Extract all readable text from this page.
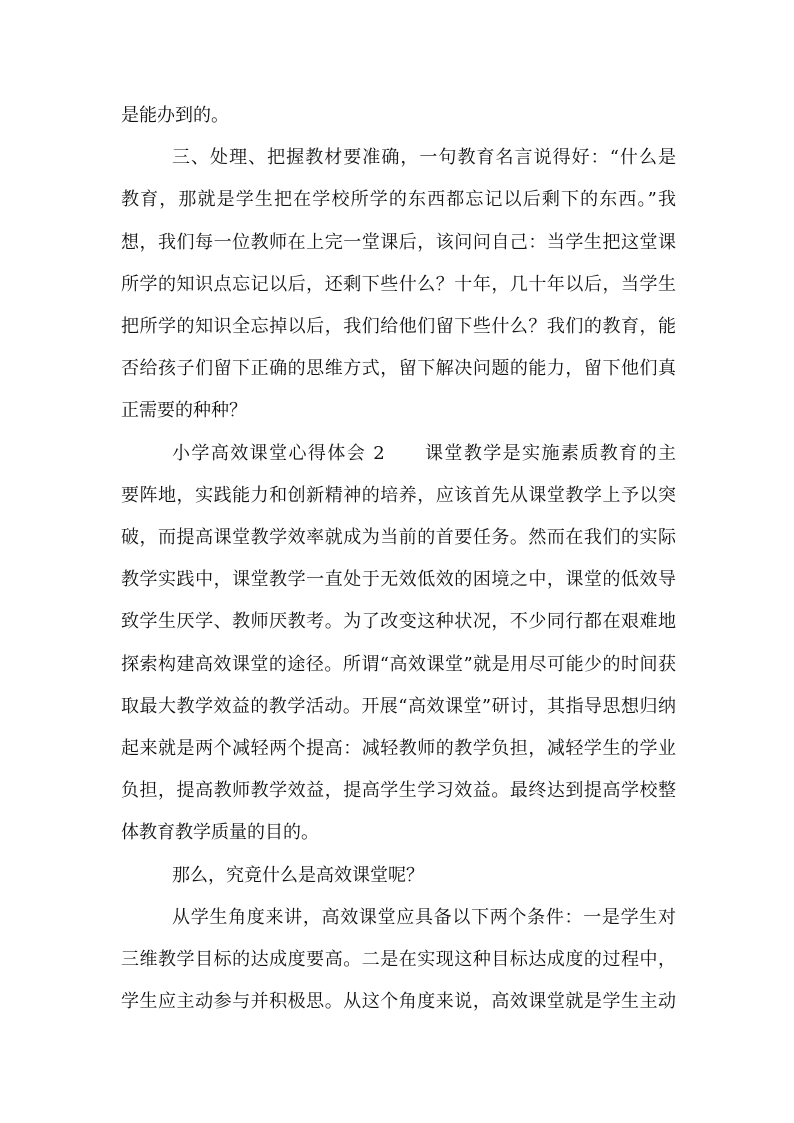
是能办到的。
三、处理、把握教材要准确，一句教育名言说得好：“什么是
教育，那就是学生把在学校所学的东西都忘记以后剩下的东西。”我
想，我们每一位教师在上完一堂课后，该问问自己：当学生把这堂课
所学的知识点忘记以后，还剩下些什么？十年，几十年以后，当学生
把所学的知识全忘掉以后，我们给他们留下些什么？我们的教育，能
否给孩子们留下正确的思维方式，留下解决问题的能力，留下他们真
正需要的种种？
小学高效课堂心得体会 2　　课堂教学是实施素质教育的主
要阵地，实践能力和创新精神的培养，应该首先从课堂教学上予以突
破，而提高课堂教学效率就成为当前的首要任务。然而在我们的实际
教学实践中，课堂教学一直处于无效低效的困境之中，课堂的低效导
致学生厌学、教师厌教考。为了改变这种状况，不少同行都在艰难地
探索构建高效课堂的途径。所谓“高效课堂”就是用尽可能少的时间获
取最大教学效益的教学活动。开展“高效课堂”研讨，其指导思想归纳
起来就是两个减轻两个提高：减轻教师的教学负担，减轻学生的学业
负担，提高教师教学效益，提高学生学习效益。最终达到提高学校整
体教育教学质量的目的。
那么，究竟什么是高效课堂呢？
从学生角度来讲，高效课堂应具备以下两个条件：一是学生对
三维教学目标的达成度要高。二是在实现这种目标达成度的过程中，
学生应主动参与并积极思。从这个角度来说，高效课堂就是学生主动
